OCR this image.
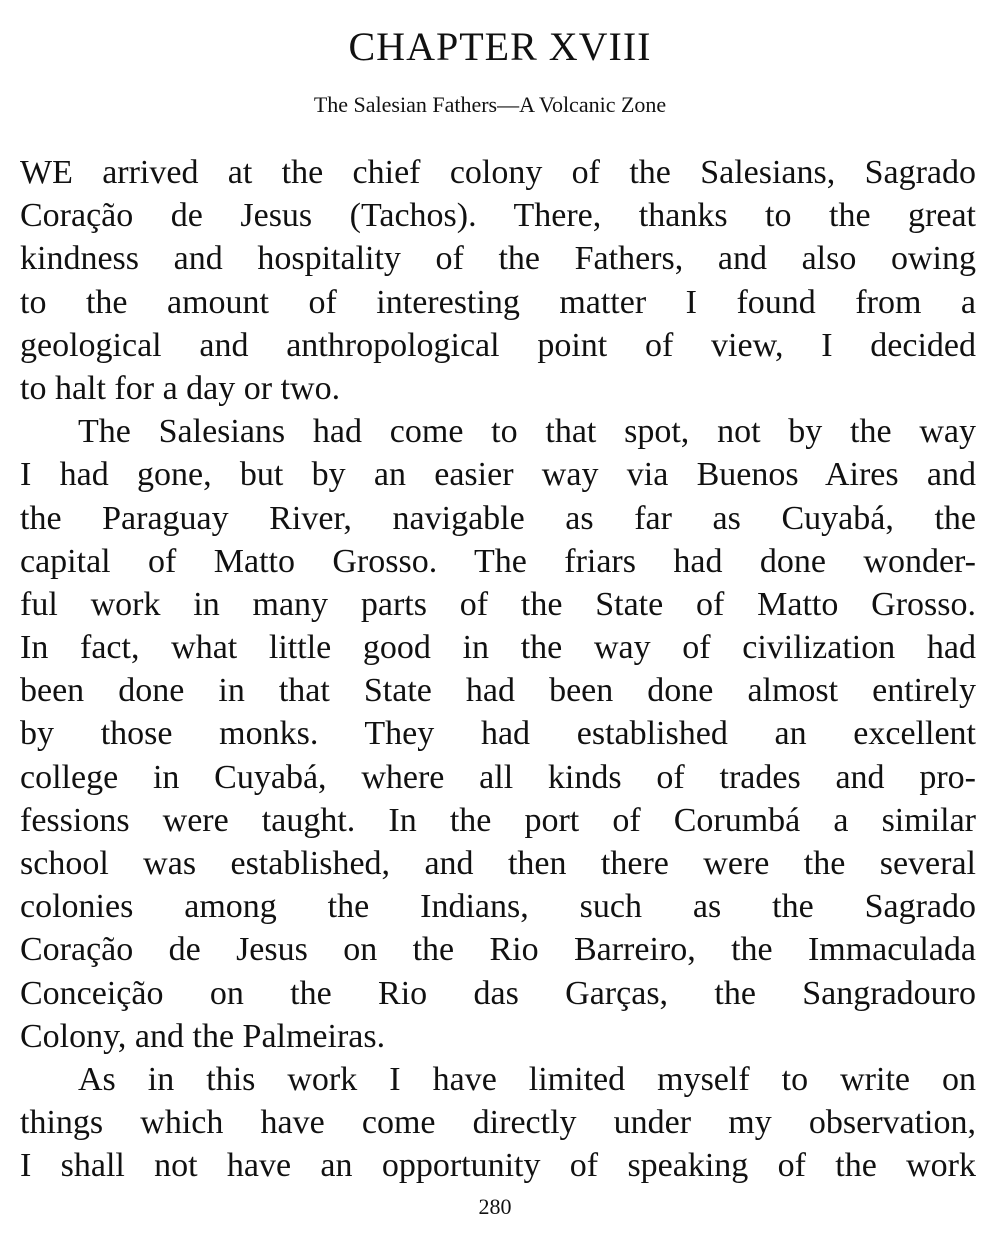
CHAPTER XVIII
The Salesian Fathers—A Volcanic Zone
WE arrived at the chief colony of the Salesians, Sagrado
Coração de Jesus (Tachos). There, thanks to the great
kindness and hospitality of the Fathers, and also owing
to the amount of interesting matter I found from a
geological and anthropological point of view, I decided
to halt for a day or two.
The Salesians had come to that spot, not by the way
I had gone, but by an easier way via Buenos Aires and
the Paraguay River, navigable as far as Cuyabá, the
capital of Matto Grosso. The friars had done wonder-
ful work in many parts of the State of Matto Grosso.
In fact, what little good in the way of civilization had
been done in that State had been done almost entirely
by those monks. They had established an excellent
college in Cuyabá, where all kinds of trades and pro-
fessions were taught. In the port of Corumbá a similar
school was established, and then there were the several
colonies among the Indians, such as the Sagrado
Coração de Jesus on the Rio Barreiro, the Immaculada
Conceição on the Rio das Garças, the Sangradouro
Colony, and the Palmeiras.
As in this work I have limited myself to write on
things which have come directly under my observation,
I shall not have an opportunity of speaking of the work
280
